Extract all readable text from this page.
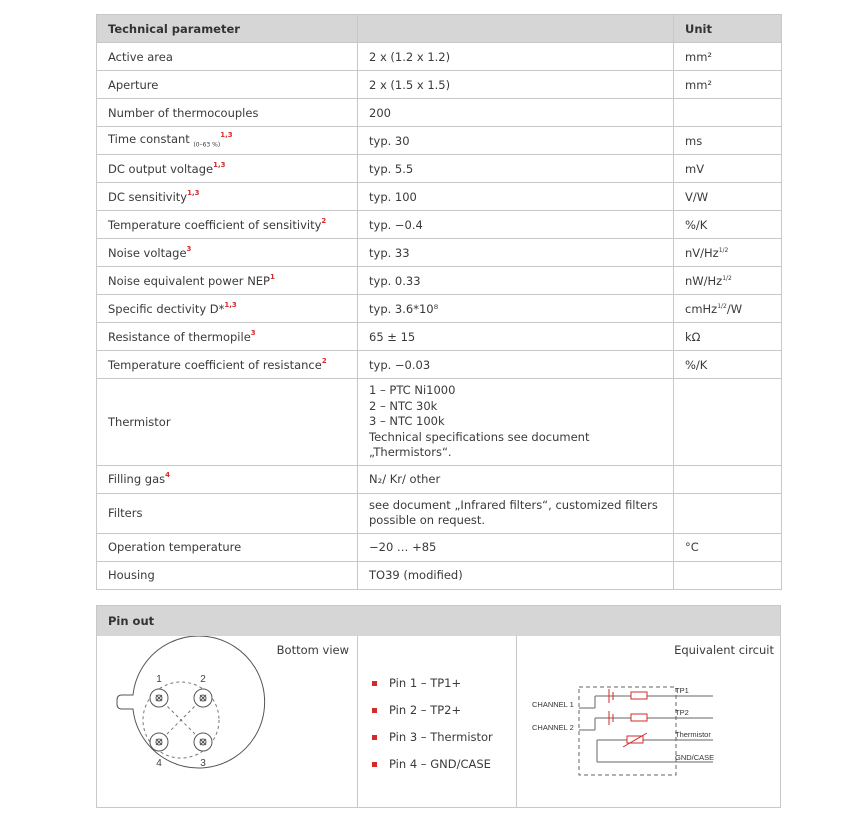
Technical parameter		Unit
Active area	2 x (1.2 x 1.2)	mm²
Aperture	2 x (1.5 x 1.5)	mm²
Number of thermocouples	200	
Time constant $_{(0-63 \%)}^{1,3}$	typ. 30	ms
DC output voltage$^{1,3}$	typ. 5.5	mV
DC sensitivity$^{1,3}$	typ. 100	V/W
Temperature coefficient of sensitivity$^2$	typ. −0.4	%/K
Noise voltage$^3$	typ. 33	$nV/Hz^{1/2}$
Noise equivalent power NEP$^1$	typ. 0.33	$nW/Hz^{1/2}$
Specific dectivity D*$^{1,3}$	typ. 3.6*10⁸	cmHz$^{1/2}$/W
Resistance of thermopile$^3$	65 ± 15	kΩ
Temperature coefficient of resistance$^2$	typ. −0.03	%/K
Thermistor	1 – PTC Ni1000
2 – NTC 30k
3 – NTC 100k
Technical specifications see document „Thermistors“.	

Filling gas$^4$	N₂/ Kr/ other	
Filters	see document „Infrared filters“, customized filters
possible on request.	

Operation temperature	−20 … +85	°C
Housing	TO39 (modified)	
Pin out
Bottom view
1	2
3
4
Pin 1 – TP1+
Pin 2 – TP2+
Pin 3 – Thermistor
Pin 4 – GND/CASE
Equivalent circuit
CHANNEL 1
CHANNEL 2
TP1
TP2
Thermistor
GND/CASE
